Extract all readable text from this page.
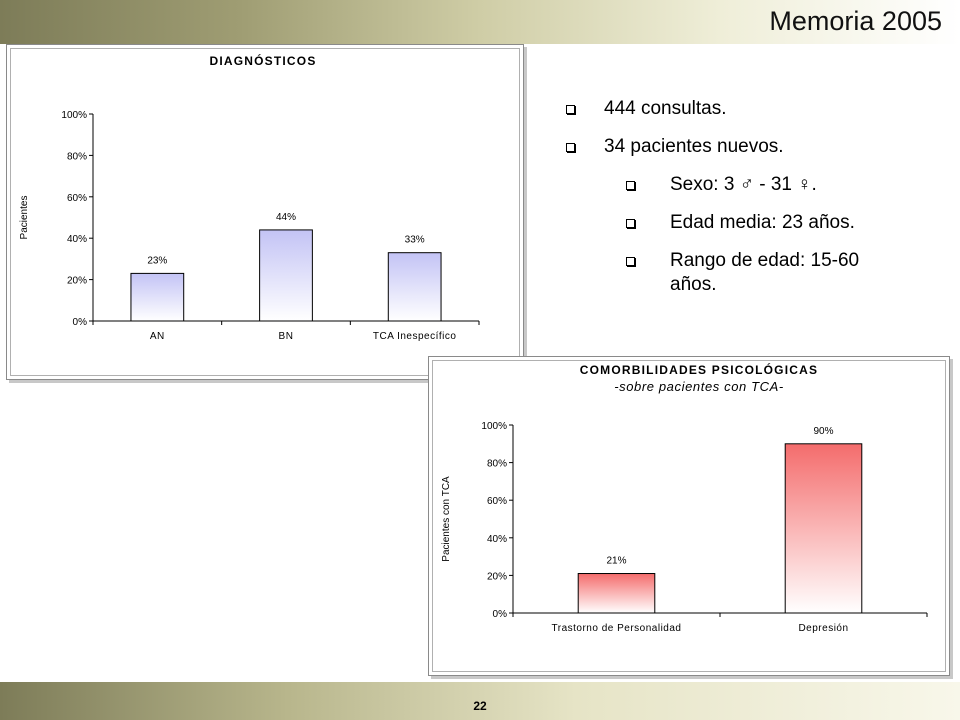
Memoria 2005
DIAGNÓSTICOS
0%
20%
40%
60%
80%
100%
Pacientes
23%
AN
44%
BN
33%
TCA Inespecífico
444 consultas.
34 pacientes nuevos.
Sexo: 3 ♂ - 31 ♀.
Edad media: 23 años.
Rango de edad: 15-60 años.
COMORBILIDADES PSICOLÓGICAS
-sobre pacientes con TCA-
0%
20%
40%
60%
80%
100%
Pacientes con TCA	21%
Trastorno de Personalidad
90%
Depresión
22
